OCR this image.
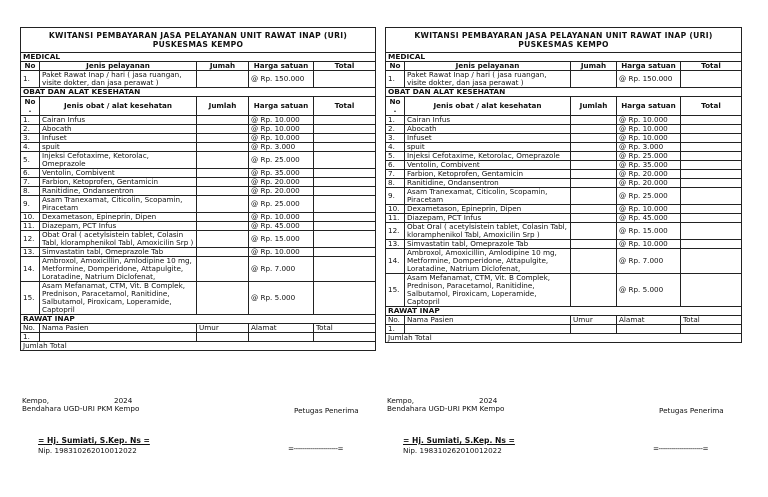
KWITANSI PEMBAYARAN JASA PELAYANAN UNIT RAWAT INAP (URI)
PUSKESMAS KEMPO				
MEDICAL				
No	Jenis pelayanan	Jumah	Harga satuan	Total
1.	Paket Rawat Inap / hari ( jasa ruangan, visite dokter, dan jasa perawat )		@ Rp. 150.000	
OBAT DAN ALAT KESEHATAN				
No .	Jenis obat / alat kesehatan	Jumlah	Harga satuan	Total
1.	Cairan Infus		@ Rp. 10.000	
2.	Abocath		@ Rp. 10.000	
3.	Infuset		@ Rp. 10.000	
4.	spuit		@ Rp. 3.000	
5.	Injeksi Cefotaxime, Ketorolac, Omeprazole		@ Rp. 25.000	
6.	Ventolin, Combivent		@ Rp. 35.000	
7.	Farbion, Ketoprofen, Gentamicin		@ Rp. 20.000	
8.	Ranitidine, Ondansentron		@ Rp. 20.000	
9.	Asam Tranexamat, Citicolin, Scopamin, Piracetam		@ Rp. 25.000	
10.	Dexametason, Epineprin, Dipen		@ Rp. 10.000	
11.	Diazepam, PCT Infus		@ Rp. 45.000	
12.	Obat Oral ( acetylsistein tablet, Colasin Tabl, kloramphenikol Tabl, Amoxicilin Srp )		@ Rp. 15.000	
13.	Simvastatin tabl, Omeprazole Tab		@ Rp. 10.000	
14.	Ambroxol, Amoxicillin, Amlodipine 10 mg, Metformine, Domperidone, Attapulgite, Loratadine, Natrium Diclofenat,		@ Rp. 7.000	
15.	Asam Mefanamat, CTM, Vit. B Complek, Prednison, Paracetamol, Ranitidine, Salbutamol, Piroxicam, Loperamide, Captopril		@ Rp. 5.000	
RAWAT INAP				
No.	Nama Pasien	Umur	Alamat	Total
1.				
Jumlah Total				
KWITANSI PEMBAYARAN JASA PELAYANAN UNIT RAWAT INAP (URI)
PUSKESMAS KEMPO				
MEDICAL				
No	Jenis pelayanan	Jumah	Harga satuan	Total
1.	Paket Rawat Inap / hari ( jasa ruangan, visite dokter, dan jasa perawat )		@ Rp. 150.000	
OBAT DAN ALAT KESEHATAN				
No .	Jenis obat / alat kesehatan	Jumlah	Harga satuan	Total
1.	Cairan Infus		@ Rp. 10.000	
2.	Abocath		@ Rp. 10.000	
3.	Infuset		@ Rp. 10.000	
4.	spuit		@ Rp. 3.000	
5.	Injeksi Cefotaxime, Ketorolac, Omeprazole		@ Rp. 25.000	
6.	Ventolin, Combivent		@ Rp. 35.000	
7.	Farbion, Ketoprofen, Gentamicin		@ Rp. 20.000	
8.	Ranitidine, Ondansentron		@ Rp. 20.000	
9.	Asam Tranexamat, Citicolin, Scopamin, Piracetam		@ Rp. 25.000	
10.	Dexametason, Epineprin, Dipen		@ Rp. 10.000	
11.	Diazepam, PCT Infus		@ Rp. 45.000	
12.	Obat Oral ( acetylsistein tablet, Colasin Tabl, kloramphenikol Tabl, Amoxicilin Srp )		@ Rp. 15.000	
13.	Simvastatin tabl, Omeprazole Tab		@ Rp. 10.000	
14.	Ambroxol, Amoxicillin, Amlodipine 10 mg, Metformine, Domperidone, Attapulgite, Loratadine, Natrium Diclofenat,		@ Rp. 7.000	
15.	Asam Mefanamat, CTM, Vit. B Complek, Prednison, Paracetamol, Ranitidine, Salbutamol, Piroxicam, Loperamide, Captopril		@ Rp. 5.000	
RAWAT INAP				
No.	Nama Pasien	Umur	Alamat	Total
1.				
Jumlah Total				
Kempo,	2024
Bendahara UGD-URI PKM Kempo	Petugas Penerima
= Hj. Sumiati, S.Kep. Ns =
Nip. 198310262010012022	=---------------------=
Kempo,	2024
Bendahara UGD-URI PKM Kempo	Petugas Penerima
= Hj. Sumiati, S.Kep. Ns =
Nip. 198310262010012022	=---------------------=
